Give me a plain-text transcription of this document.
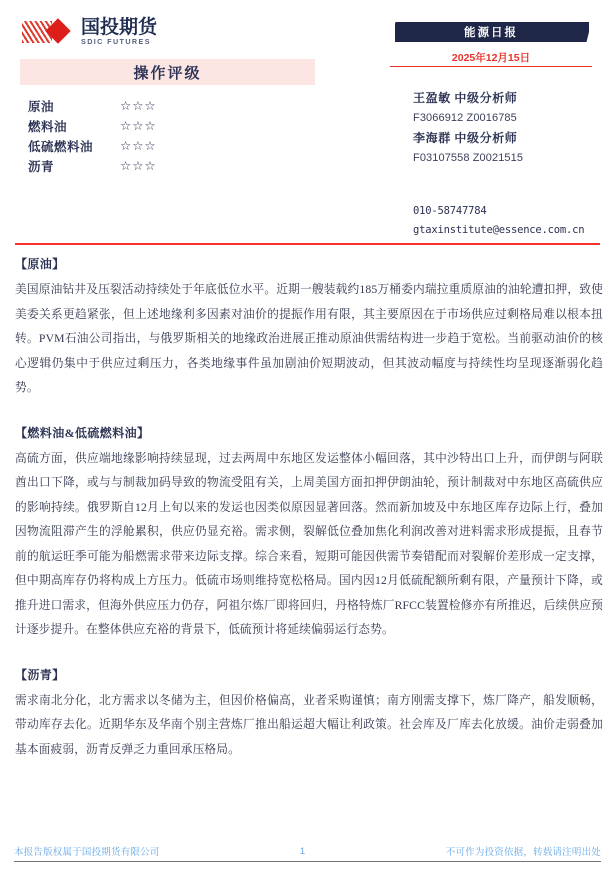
国投期货
SDIC FUTURES
操作评级
原油	☆☆☆
燃料油	☆☆☆
低硫燃料油	☆☆☆
沥青	☆☆☆
能源日报
2025年12月15日
王盈敏 中级分析师
F3066912 Z0016785
李海群 中级分析师
F03107558 Z0021515
010-58747784
gtaxinstitute@essence.com.cn
【原油】

美国原油钻井及压裂活动持续处于年底低位水平。近期一艘装载约185万桶委内瑞拉重质原油的油轮遭扣押，致使美委关系更趋紧张，但上述地缘利多因素对油价的提振作用有限，其主要原因在于市场供应过剩格局难以根本扭转。PVM石油公司指出，与俄罗斯相关的地缘政治进展正推动原油供需结构进一步趋于宽松。当前驱动油价的核心逻辑仍集中于供应过剩压力，各类地缘事件虽加剧油价短期波动，但其波动幅度与持续性均呈现逐渐弱化趋势。

【燃料油&低硫燃料油】

高硫方面，供应端地缘影响持续显现，过去两周中东地区发运整体小幅回落，其中沙特出口上升，而伊朗与阿联酋出口下降，或与与制裁加码导致的物流受阻有关，上周美国方面扣押伊朗油轮，预计制裁对中东地区高硫供应的影响持续。俄罗斯自12月上旬以来的发运也因类似原因显著回落。然而新加坡及中东地区库存边际上行，叠加因物流阻滞产生的浮舱累积，供应仍显充裕。需求侧，裂解低位叠加焦化利润改善对进料需求形成提振，且春节前的航运旺季可能为船燃需求带来边际支撑。综合来看，短期可能因供需节奏错配而对裂解价差形成一定支撑，但中期高库存仍将构成上方压力。低硫市场则维持宽松格局。国内因12月低硫配额所剩有限，产量预计下降，或推升进口需求，但海外供应压力仍存，阿祖尔炼厂即将回归，丹格特炼厂RFCC装置检修亦有所推迟，后续供应预计逐步提升。在整体供应充裕的背景下，低硫预计将延续偏弱运行态势。

【沥青】

需求南北分化，北方需求以冬储为主，但因价格偏高，业者采购谨慎；南方刚需支撑下，炼厂降产，船发顺畅，带动库存去化。近期华东及华南个别主营炼厂推出船运超大幅让利政策。社会库及厂库去化放缓。油价走弱叠加基本面疲弱，沥青反弹乏力重回承压格局。

本报告版权属于国投期货有限公司	1	不可作为投资依据，转载请注明出处
